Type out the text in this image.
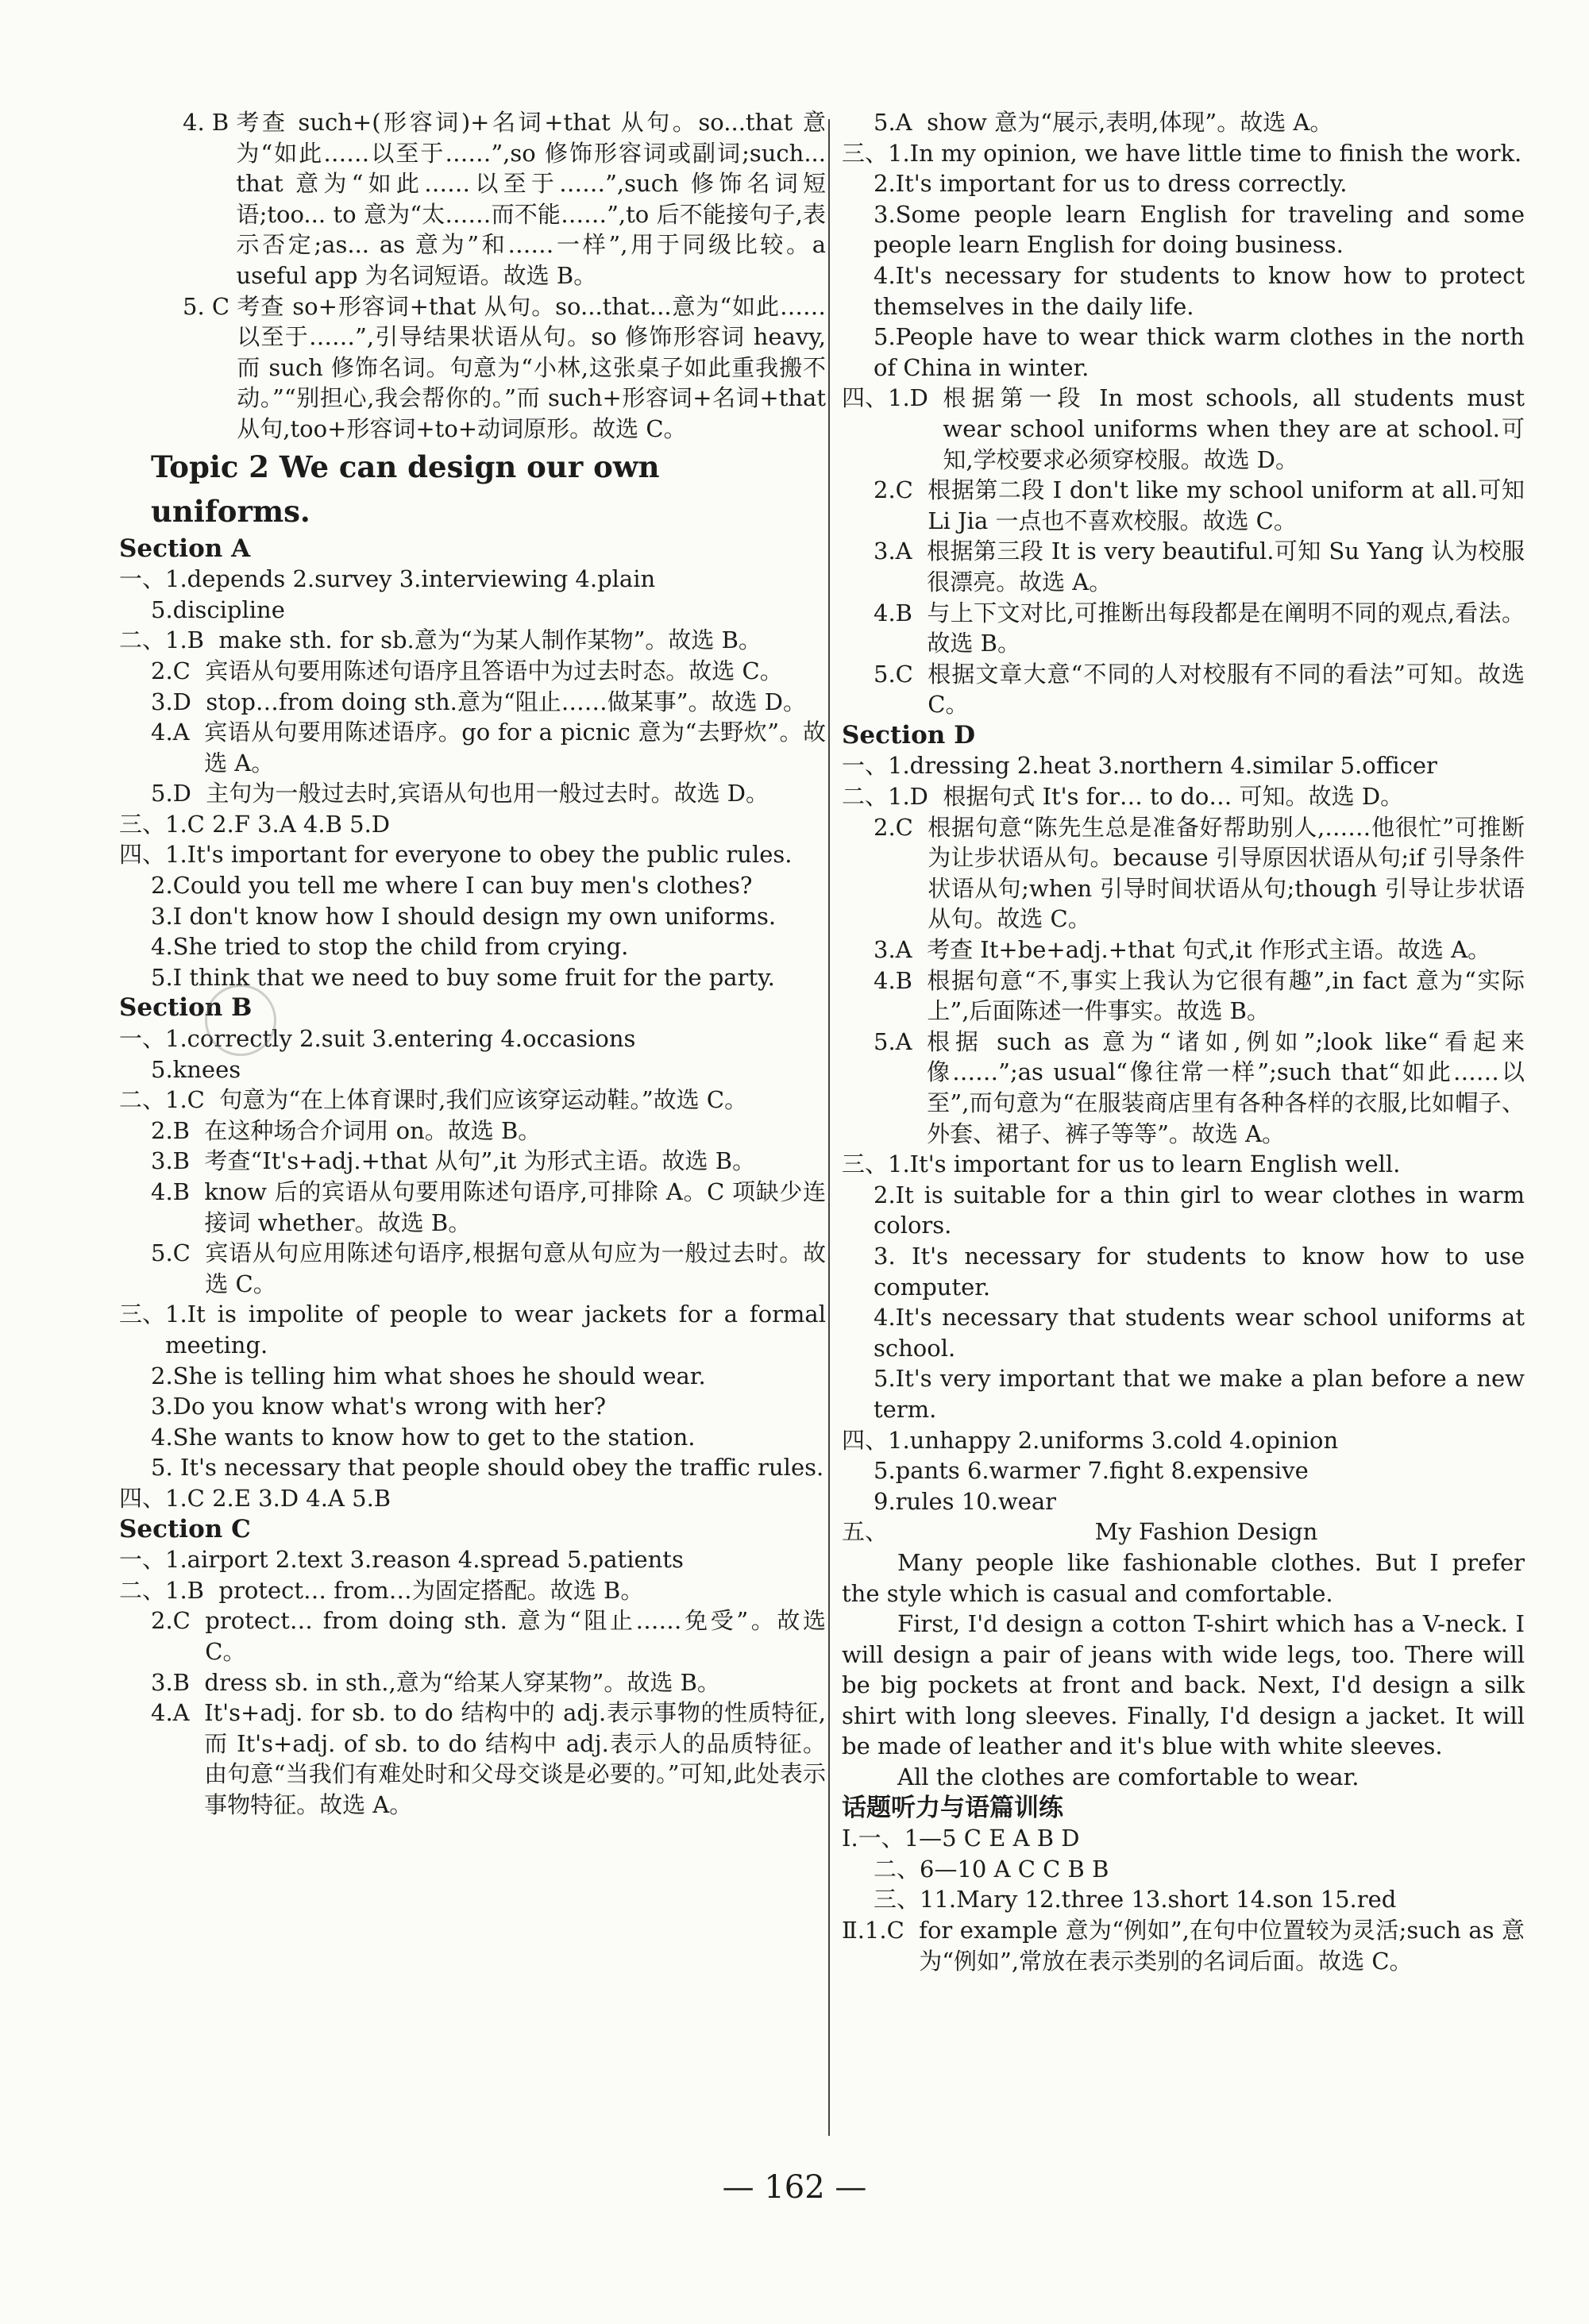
4. B 考查 such+(形容词)+名词+that 从句。so...that 意为“如此……以至于……”,so 修饰形容词或副词;such... that 意为“如此……以至于……”,such 修饰名词短语;too... to 意为“太……而不能……”,to 后不能接句子,表示否定;as... as 意为”和……一样”,用于同级比较。a useful app 为名词短语。故选 B。
5. C 考查 so+形容词+that 从句。so...that...意为“如此……以至于……”,引导结果状语从句。so 修饰形容词 heavy,而 such 修饰名词。句意为“小林,这张桌子如此重我搬不动。”“别担心,我会帮你的。”而 such+形容词+名词+that 从句,too+形容词+to+动词原形。故选 C。
Topic 2 We can design our own uniforms.
Section A
一、 1.depends 2.survey 3.interviewing 4.plain
5.discipline
二、1.B make sth. for sb.意为“为某人制作某物”。故选 B。
2.C 宾语从句要用陈述句语序且答语中为过去时态。故选 C。
3.D stop…from doing sth.意为“阻止……做某事”。故选 D。
4.A 宾语从句要用陈述语序。go for a picnic 意为“去野炊”。故选 A。
5.D 主句为一般过去时,宾语从句也用一般过去时。故选 D。
三、 1.C 2.F 3.A 4.B 5.D
四、 1.It's important for everyone to obey the public rules.
2.Could you tell me where I can buy men's clothes?
3.I don't know how I should design my own uniforms.
4.She tried to stop the child from crying.
5.I think that we need to buy some fruit for the party.
Section B
一、 1.correctly 2.suit 3.entering 4.occasions
5.knees
二、1.C 句意为“在上体育课时,我们应该穿运动鞋。”故选 C。
2.B 在这种场合介词用 on。故选 B。
3.B 考查“It's+adj.+that 从句”,it 为形式主语。故选 B。
4.B know 后的宾语从句要用陈述句语序,可排除 A。C 项缺少连接词 whether。故选 B。
5.C 宾语从句应用陈述句语序,根据句意从句应为一般过去时。故选 C。
三、 1.It is impolite of people to wear jackets for a formal meeting.
2.She is telling him what shoes he should wear.
3.Do you know what's wrong with her?
4.She wants to know how to get to the station.
5. It's necessary that people should obey the traffic rules.
四、 1.C 2.E 3.D 4.A 5.B
Section C
一、 1.airport 2.text 3.reason 4.spread 5.patients
二、1.B protect… from…为固定搭配。故选 B。
2.C protect… from doing sth. 意为“阻止……免受”。故选 C。
3.B dress sb. in sth.,意为“给某人穿某物”。故选 B。
4.A It's+adj. for sb. to do 结构中的 adj.表示事物的性质特征,而 It's+adj. of sb. to do 结构中 adj.表示人的品质特征。由句意“当我们有难处时和父母交谈是必要的。”可知,此处表示事物特征。故选 A。
5.A show 意为“展示,表明,体现”。故选 A。
三、 1.In my opinion, we have little time to finish the work.
2.It's important for us to dress correctly.
3.Some people learn English for traveling and some people learn English for doing business.
4.It's necessary for students to know how to protect themselves in the daily life.
5.People have to wear thick warm clothes in the north of China in winter.
四、1.D 根据第一段 In most schools, all students must wear school uniforms when they are at school.可知,学校要求必须穿校服。故选 D。
2.C 根据第二段 I don't like my school uniform at all.可知 Li Jia 一点也不喜欢校服。故选 C。
3.A 根据第三段 It is very beautiful.可知 Su Yang 认为校服很漂亮。故选 A。
4.B 与上下文对比,可推断出每段都是在阐明不同的观点,看法。故选 B。
5.C 根据文章大意“不同的人对校服有不同的看法”可知。故选 C。
Section D
一、 1.dressing 2.heat 3.northern 4.similar 5.officer
二、1.D 根据句式 It's for… to do… 可知。故选 D。
2.C 根据句意“陈先生总是准备好帮助别人,……他很忙”可推断为让步状语从句。because 引导原因状语从句;if 引导条件状语从句;when 引导时间状语从句;though 引导让步状语从句。故选 C。
3.A 考查 It+be+adj.+that 句式,it 作形式主语。故选 A。
4.B 根据句意“不,事实上我认为它很有趣”,in fact 意为“实际上”,后面陈述一件事实。故选 B。
5.A 根据 such as 意为“诸如,例如”;look like“看起来像……”;as usual“像往常一样”;such that“如此……以至”,而句意为“在服装商店里有各种各样的衣服,比如帽子、外套、裙子、裤子等等”。故选 A。
三、 1.It's important for us to learn English well.
2.It is suitable for a thin girl to wear clothes in warm colors.
3. It's necessary for students to know how to use computer.
4.It's necessary that students wear school uniforms at school.
5.It's very important that we make a plan before a new term.
四、 1.unhappy 2.uniforms 3.cold 4.opinion
5.pants 6.warmer 7.fight 8.expensive
9.rules 10.wear
五、	My Fashion Design
Many people like fashionable clothes. But I prefer the style which is casual and comfortable.
First, I'd design a cotton T-shirt which has a V-neck. I will design a pair of jeans with wide legs, too. There will be big pockets at front and back. Next, I'd design a silk shirt with long sleeves. Finally, I'd design a jacket. It will be made of leather and it's blue with white sleeves.
All the clothes are comfortable to wear.
话题听力与语篇训练
Ⅰ.一、 1—5 C E A B D
二、6—10 A C C B B
三、11.Mary 12.three 13.short 14.son 15.red
Ⅱ.1.C for example 意为“例如”,在句中位置较为灵活;such as 意为“例如”,常放在表示类别的名词后面。故选 C。
— 162 —
